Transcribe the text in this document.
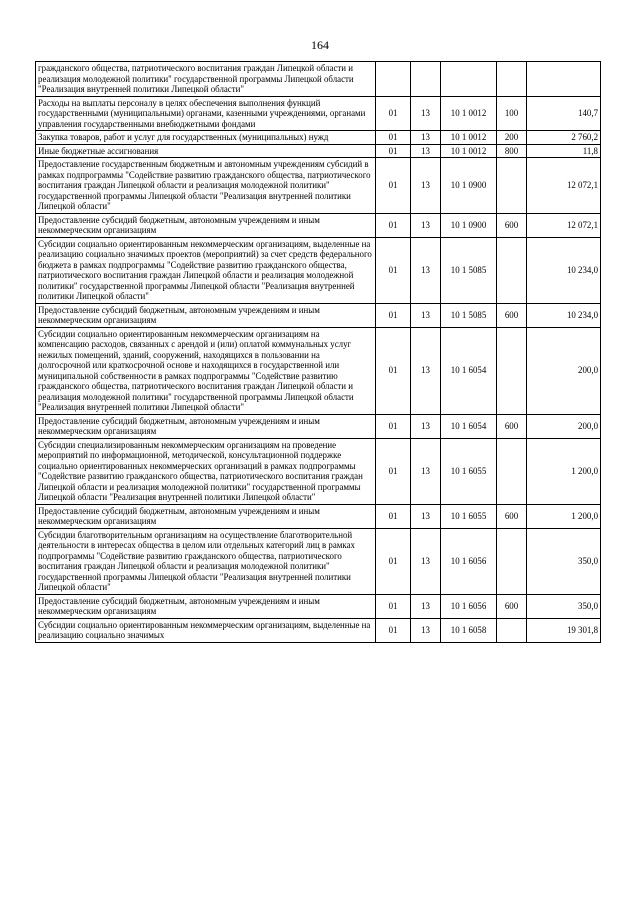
164
гражданского общества, патриотического воспитания граждан Липецкой области и реализация молодежной политики" государственной программы Липецкой области "Реализация внутренней политики Липецкой области"					
Расходы на выплаты персоналу в целях обеспечения выполнения функций государственными (муниципальными) органами, казенными учреждениями, органами управления государственными внебюджетными фондами	01	13	10 1 0012	100	140,7
Закупка товаров, работ и услуг для государственных (муниципальных) нужд	01	13	10 1 0012	200	2 760,2
Иные бюджетные ассигнования	01	13	10 1 0012	800	11,8
Предоставление государственным бюджетным и автономным учреждениям субсидий в рамках подпрограммы "Содействие развитию гражданского общества, патриотического воспитания граждан Липецкой области и реализация молодежной политики" государственной программы Липецкой области "Реализация внутренней политики Липецкой области"	01	13	10 1 0900		12 072,1
Предоставление субсидий бюджетным, автономным учреждениям и иным некоммерческим организациям	01	13	10 1 0900	600	12 072,1
Субсидии социально ориентированным некоммерческим организациям, выделенные на реализацию социально значимых проектов (мероприятий) за счет средств федерального бюджета в рамках подпрограммы "Содействие развитию гражданского общества, патриотического воспитания граждан Липецкой области и реализация молодежной политики" государственной программы Липецкой области "Реализация внутренней политики Липецкой области"	01	13	10 1 5085		10 234,0
Предоставление субсидий бюджетным, автономным учреждениям и иным некоммерческим организациям	01	13	10 1 5085	600	10 234,0
Субсидии социально ориентированным некоммерческим организациям на компенсацию расходов, связанных с арендой и (или) оплатой коммунальных услуг нежилых помещений, зданий, сооружений, находящихся в пользовании на долгосрочной или краткосрочной основе и находящихся в государственной или муниципальной собственности в рамках подпрограммы "Содействие развитию гражданского общества, патриотического воспитания граждан Липецкой области и реализация молодежной политики" государственной программы Липецкой области "Реализация внутренней политики Липецкой области"	01	13	10 1 6054		200,0
Предоставление субсидий бюджетным, автономным учреждениям и иным некоммерческим организациям	01	13	10 1 6054	600	200,0
Субсидии специализированным некоммерческим организациям на проведение мероприятий по информационной, методической, консультационной поддержке социально ориентированных некоммерческих организаций в рамках подпрограммы "Содействие развитию гражданского общества, патриотического воспитания граждан Липецкой области и реализация молодежной политики" государственной программы Липецкой области "Реализация внутренней политики Липецкой области"	01	13	10 1 6055		1 200,0
Предоставление субсидий бюджетным, автономным учреждениям и иным некоммерческим организациям	01	13	10 1 6055	600	1 200,0
Субсидии благотворительным организациям на осуществление благотворительной деятельности в интересах общества в целом или отдельных категорий лиц в рамках подпрограммы "Содействие развитию гражданского общества, патриотического воспитания граждан Липецкой области и реализация молодежной политики" государственной программы Липецкой области "Реализация внутренней политики Липецкой области"	01	13	10 1 6056		350,0
Предоставление субсидий бюджетным, автономным учреждениям и иным некоммерческим организациям	01	13	10 1 6056	600	350,0
Субсидии социально ориентированным некоммерческим организациям, выделенные на реализацию социально значимых	01	13	10 1 6058		19 301,8
